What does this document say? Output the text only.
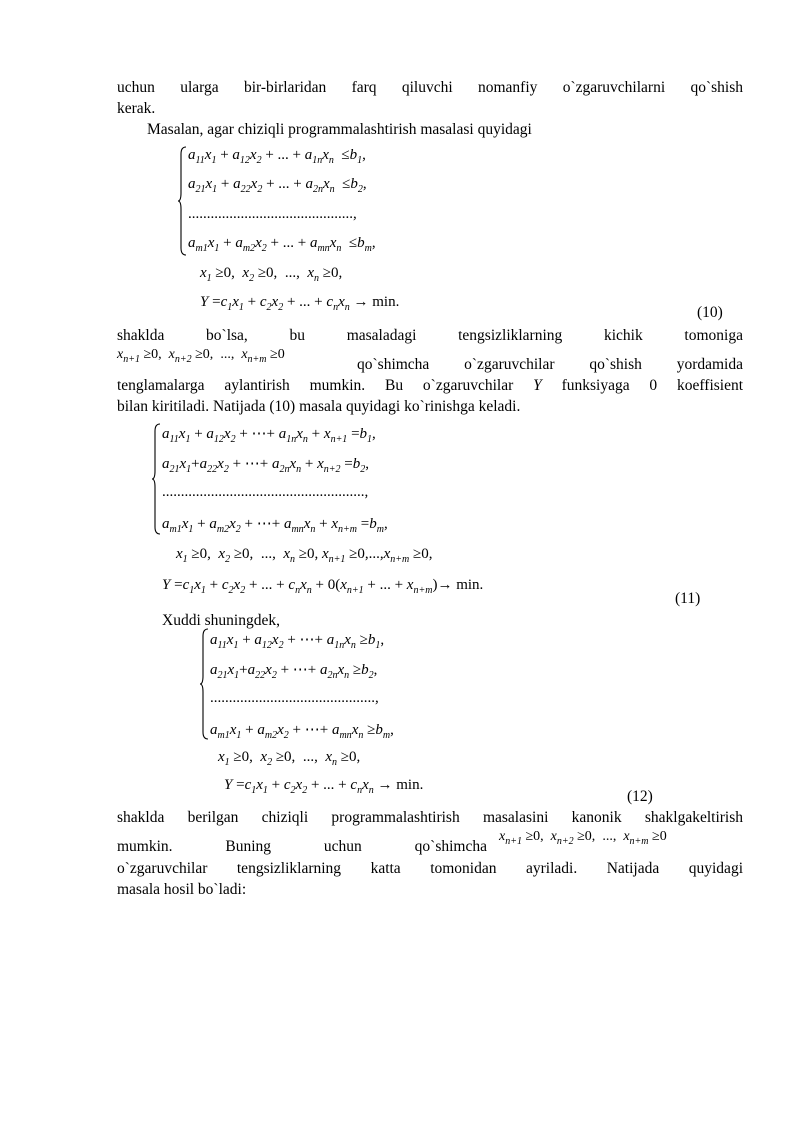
uchun ularga bir-birlaridan farq qiluvchi nomanfiy o`zgaruvchilarni qo`shish
kerak.
Masalan, agar chiziqli programmalashtirish masalasi quyidagi
$a_{11}x_1 + a_{12}x_2$ + ... + $a_{1n}x_n \le b_1$,
$a_{21}x_1 + a_{22}x_2$ + ... + $a_{2n}x_n \le b_2$,
............................................,
$a_{m1}x_1 + a_{m2}x_2$ + ... + $a_{mn}x_n \le b_m$,
$x_1 \ge 0$,  $x_2 \ge 0$, ...,  $x_n \ge 0$,
$Y =c_1x_1 + c_2x_2$ + ... + $c_nx_n \to \min$.
(10)
shaklda	bo`lsa,	bu	masaladagi	tengsizliklarning	kichik	tomoniga
$x_{n+1} \ge 0$,  $x_{n+2} \ge 0$, ...,  $x_{n+m} \ge 0$
qo`shimcha o`zgaruvchilar qo`shish yordamida
tenglamalarga aylantirish mumkin. Bu o`zgaruvchilar Y funksiyaga 0 koeffisient
bilan kiritiladi. Natijada (10) masala quyidagi ko`rinishga keladi.
$a_{11}x_1 + a_{12}x_2$ + ⋯+ $a_{1n}x_n + x_{n+1} =b_1$,
$a_{21}x_1+a_{22}x_2$ + ⋯+ $a_{2n}x_n + x_{n+2} =b_2$,
......................................................,
$a_{m1}x_1 + a_{m2}x_2$ + ⋯+ $a_{mn}x_n + x_{n+m} =b_m$,
$x_1 \ge 0$,  $x_2 \ge 0$, ...,  $x_n \ge 0$, $x_{n+1} \ge 0,...,x_{n+m} \ge 0$,
$Y =c_1x_1 + c_2x_2$ + ... + $c_nx_n + 0(x_{n+1}$ + ... + $x_{n+m})\to \min$.
(11)
Xuddi shuningdek,
$a_{11}x_1 + a_{12}x_2$ + ⋯+ $a_{1n}x_n \ge b_1$,
$a_{21}x_1+a_{22}x_2$ + ⋯+ $a_{2n}x_n \ge b_2$,
............................................,
$a_{m1}x_1 + a_{m2}x_2$ + ⋯+ $a_{mn}x_n \ge b_m$,
$x_1 \ge 0$,  $x_2 \ge 0$, ...,  $x_n \ge 0$,
$Y =c_1x_1 + c_2x_2$ + ... + $c_nx_n \to \min$.
(12)
shaklda berilgan chiziqli programmalashtirish masalasini kanonik shaklgakeltirish
mumkin.	Buning	uchun	qo`shimcha
$x_{n+1} \ge 0$,  $x_{n+2} \ge 0$, ...,  $x_{n+m} \ge 0$
o`zgaruvchilar tengsizliklarning katta tomonidan ayriladi. Natijada quyidagi
masala hosil bo`ladi:
